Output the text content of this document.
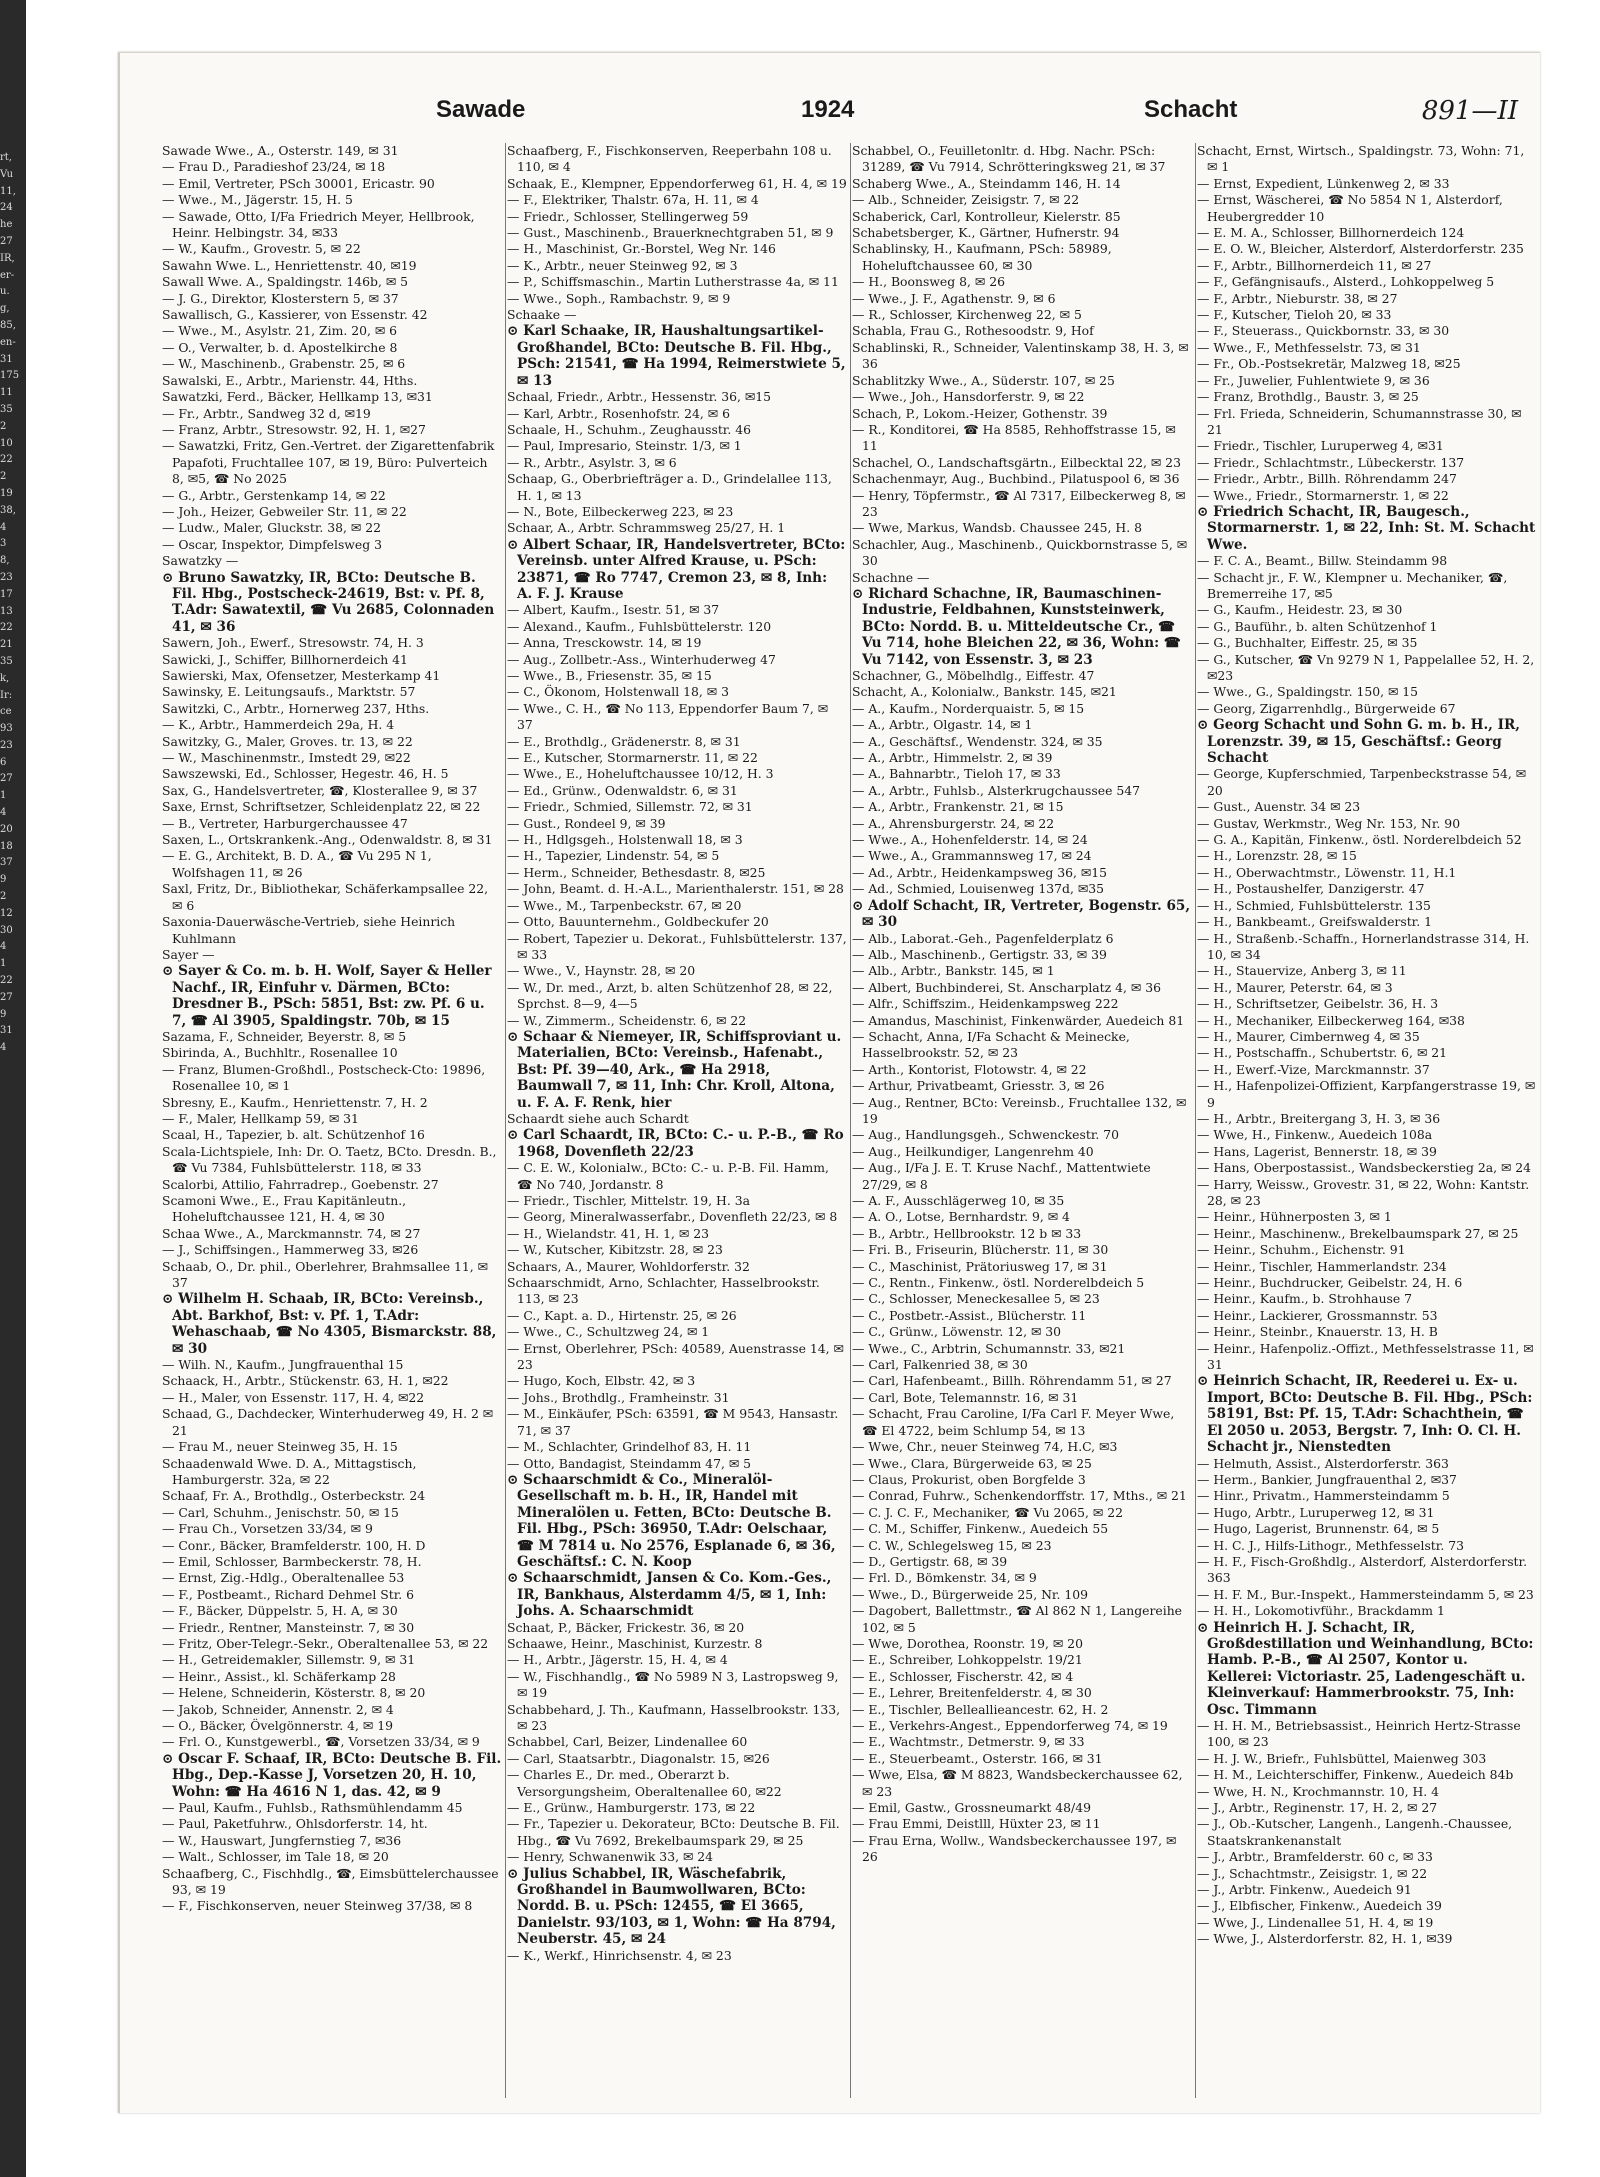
rt,
Vu
11,
24
he
27
IR,
er-
u.
g,
85,
en-
31
175
11
35
2
10
22
2
19
38,
4
3
8,
23
17
13
22
21
35
k,
Ir:
ce
93
23
6
27
1
4
20
18
37
9
2
12
30
4
1
22
27
9
31
4
Sawade	1924	Schacht	891—II
Sawade Wwe., A., Osterstr. 149, ✉ 31
— Frau D., Paradieshof 23/24, ✉ 18
— Emil, Vertreter, PSch 30001, Ericastr. 90
— Wwe., M., Jägerstr. 15, H. 5
— Sawade, Otto, I/Fa Friedrich Meyer, Hellbrook, Heinr. Helbingstr. 34, ✉33
— W., Kaufm., Grovestr. 5, ✉ 22
Sawahn Wwe. L., Henriettenstr. 40, ✉19
Sawall Wwe. A., Spaldingstr. 146b, ✉ 5
— J. G., Direktor, Klosterstern 5, ✉ 37
Sawallisch, G., Kassierer, von Essenstr. 42
— Wwe., M., Asylstr. 21, Zim. 20, ✉ 6
— O., Verwalter, b. d. Apostelkirche 8
— W., Maschinenb., Grabenstr. 25, ✉ 6
Sawalski, E., Arbtr., Marienstr. 44, Hths.
Sawatzki, Ferd., Bäcker, Hellkamp 13, ✉31
— Fr., Arbtr., Sandweg 32 d, ✉19
— Franz, Arbtr., Stresowstr. 92, H. 1, ✉27
— Sawatzki, Fritz, Gen.-Vertret. der Zigarettenfabrik Papafoti, Fruchtallee 107, ✉ 19, Büro: Pulverteich 8, ✉5, ☎ No 2025
— G., Arbtr., Gerstenkamp 14, ✉ 22
— Joh., Heizer, Gebweiler Str. 11, ✉ 22
— Ludw., Maler, Gluckstr. 38, ✉ 22
— Oscar, Inspektor, Dimpfelsweg 3
Sawatzky —
⊙ Bruno Sawatzky, IR, BCto: Deutsche B. Fil. Hbg., Postscheck-24619, Bst: v. Pf. 8, T.Adr: Sawatextil, ☎ Vu 2685, Colonnaden 41, ✉ 36
Sawern, Joh., Ewerf., Stresowstr. 74, H. 3
Sawicki, J., Schiffer, Billhornerdeich 41
Sawierski, Max, Ofensetzer, Mesterkamp 41
Sawinsky, E. Leitungsaufs., Marktstr. 57
Sawitzki, C., Arbtr., Hornerweg 237, Hths.
— K., Arbtr., Hammerdeich 29a, H. 4
Sawitzky, G., Maler, Groves. tr. 13, ✉ 22
— W., Maschinenmstr., Imstedt 29, ✉22
Sawszewski, Ed., Schlosser, Hegestr. 46, H. 5
Sax, G., Handelsvertreter, ☎, Klosterallee 9, ✉ 37
Saxe, Ernst, Schriftsetzer, Schleidenplatz 22, ✉ 22
— B., Vertreter, Harburgerchaussee 47
Saxen, L., Ortskrankenk.-Ang., Odenwaldstr. 8, ✉ 31
— E. G., Architekt, B. D. A., ☎ Vu 295 N 1, Wolfshagen 11, ✉ 26
Saxl, Fritz, Dr., Bibliothekar, Schäferkampsallee 22, ✉ 6
Saxonia-Dauerwäsche-Vertrieb, siehe Heinrich Kuhlmann
Sayer —
⊙ Sayer & Co. m. b. H. Wolf, Sayer & Heller Nachf., IR, Einfuhr v. Därmen, BCto: Dresdner B., PSch: 5851, Bst: zw. Pf. 6 u. 7, ☎ Al 3905, Spaldingstr. 70b, ✉ 15
Sazama, F., Schneider, Beyerstr. 8, ✉ 5
Sbirinda, A., Buchhltr., Rosenallee 10
— Franz, Blumen-Großhdl., Postscheck-Cto: 19896, Rosenallee 10, ✉ 1
Sbresny, E., Kaufm., Henriettenstr. 7, H. 2
— F., Maler, Hellkamp 59, ✉ 31
Scaal, H., Tapezier, b. alt. Schützenhof 16
Scala-Lichtspiele, Inh: Dr. O. Taetz, BCto. Dresdn. B., ☎ Vu 7384, Fuhlsbüttelerstr. 118, ✉ 33
Scalorbi, Attilio, Fahrradrep., Goebenstr. 27
Scamoni Wwe., E., Frau Kapitänleutn., Hoheluftchaussee 121, H. 4, ✉ 30
Schaa Wwe., A., Marckmannstr. 74, ✉ 27
— J., Schiffsingen., Hammerweg 33, ✉26
Schaab, O., Dr. phil., Oberlehrer, Brahmsallee 11, ✉ 37
⊙ Wilhelm H. Schaab, IR, BCto: Vereinsb., Abt. Barkhof, Bst: v. Pf. 1, T.Adr: Wehaschaab, ☎ No 4305, Bismarckstr. 88, ✉ 30
— Wilh. N., Kaufm., Jungfrauenthal 15
Schaack, H., Arbtr., Stückenstr. 63, H. 1, ✉22
— H., Maler, von Essenstr. 117, H. 4, ✉22
Schaad, G., Dachdecker, Winterhuderweg 49, H. 2 ✉ 21
— Frau M., neuer Steinweg 35, H. 15
Schaadenwald Wwe. D. A., Mittagstisch, Hamburgerstr. 32a, ✉ 22
Schaaf, Fr. A., Brothdlg., Osterbeckstr. 24
— Carl, Schuhm., Jenischstr. 50, ✉ 15
— Frau Ch., Vorsetzen 33/34, ✉ 9
— Conr., Bäcker, Bramfelderstr. 100, H. D
— Emil, Schlosser, Barmbeckerstr. 78, H.
— Ernst, Zig.-Hdlg., Oberaltenallee 53
— F., Postbeamt., Richard Dehmel Str. 6
— F., Bäcker, Düppelstr. 5, H. A, ✉ 30
— Friedr., Rentner, Mansteinstr. 7, ✉ 30
— Fritz, Ober-Telegr.-Sekr., Oberaltenallee 53, ✉ 22
— H., Getreidemakler, Sillemstr. 9, ✉ 31
— Heinr., Assist., kl. Schäferkamp 28
— Helene, Schneiderin, Kösterstr. 8, ✉ 20
— Jakob, Schneider, Annenstr. 2, ✉ 4
— O., Bäcker, Övelgönnerstr. 4, ✉ 19
— Frl. O., Kunstgewerbl., ☎, Vorsetzen 33/34, ✉ 9
⊙ Oscar F. Schaaf, IR, BCto: Deutsche B. Fil. Hbg., Dep.-Kasse J, Vorsetzen 20, H. 10, Wohn: ☎ Ha 4616 N 1, das. 42, ✉ 9
— Paul, Kaufm., Fuhlsb., Rathsmühlendamm 45
— Paul, Paketfuhrw., Ohlsdorferstr. 14, ht.
— W., Hauswart, Jungfernstieg 7, ✉36
— Walt., Schlosser, im Tale 18, ✉ 20
Schaafberg, C., Fischhdlg., ☎, Eimsbüttelerchaussee 93, ✉ 19
— F., Fischkonserven, neuer Steinweg 37/38, ✉ 8
Schaafberg, F., Fischkonserven, Reeperbahn 108 u. 110, ✉ 4
Schaak, E., Klempner, Eppendorferweg 61, H. 4, ✉ 19
— F., Elektriker, Thalstr. 67a, H. 11, ✉ 4
— Friedr., Schlosser, Stellingerweg 59
— Gust., Maschinenb., Brauerknechtgraben 51, ✉ 9
— H., Maschinist, Gr.-Borstel, Weg Nr. 146
— K., Arbtr., neuer Steinweg 92, ✉ 3
— P., Schiffsmaschin., Martin Lutherstrasse 4a, ✉ 11
— Wwe., Soph., Rambachstr. 9, ✉ 9
Schaake —
⊙ Karl Schaake, IR, Haushaltungsartikel-Großhandel, BCto: Deutsche B. Fil. Hbg., PSch: 21541, ☎ Ha 1994, Reimerstwiete 5, ✉ 13
Schaal, Friedr., Arbtr., Hessenstr. 36, ✉15
— Karl, Arbtr., Rosenhofstr. 24, ✉ 6
Schaale, H., Schuhm., Zeughausstr. 46
— Paul, Impresario, Steinstr. 1/3, ✉ 1
— R., Arbtr., Asylstr. 3, ✉ 6
Schaap, G., Oberbriefträger a. D., Grindelallee 113, H. 1, ✉ 13
— N., Bote, Eilbeckerweg 223, ✉ 23
Schaar, A., Arbtr. Schrammsweg 25/27, H. 1
⊙ Albert Schaar, IR, Handelsvertreter, BCto: Vereinsb. unter Alfred Krause, u. PSch: 23871, ☎ Ro 7747, Cremon 23, ✉ 8, Inh: A. F. J. Krause
— Albert, Kaufm., Isestr. 51, ✉ 37
— Alexand., Kaufm., Fuhlsbüttelerstr. 120
— Anna, Tresckowstr. 14, ✉ 19
— Aug., Zollbetr.-Ass., Winterhuderweg 47
— Wwe., B., Friesenstr. 35, ✉ 15
— C., Ökonom, Holstenwall 18, ✉ 3
— Wwe., C. H., ☎ No 113, Eppendorfer Baum 7, ✉ 37
— E., Brothdlg., Grädenerstr. 8, ✉ 31
— E., Kutscher, Stormarnerstr. 11, ✉ 22
— Wwe., E., Hoheluftchaussee 10/12, H. 3
— Ed., Grünw., Odenwaldstr. 6, ✉ 31
— Friedr., Schmied, Sillemstr. 72, ✉ 31
— Gust., Rondeel 9, ✉ 39
— H., Hdlgsgeh., Holstenwall 18, ✉ 3
— H., Tapezier, Lindenstr. 54, ✉ 5
— Herm., Schneider, Bethesdastr. 8, ✉25
— John, Beamt. d. H.-A.L., Marienthalerstr. 151, ✉ 28
— Wwe., M., Tarpenbeckstr. 67, ✉ 20
— Otto, Bauunternehm., Goldbeckufer 20
— Robert, Tapezier u. Dekorat., Fuhlsbüttelerstr. 137, ✉ 33
— Wwe., V., Haynstr. 28, ✉ 20
— W., Dr. med., Arzt, b. alten Schützenhof 28, ✉ 22, Sprchst. 8—9, 4—5
— W., Zimmerm., Scheidenstr. 6, ✉ 22
⊙ Schaar & Niemeyer, IR, Schiffsproviant u. Materialien, BCto: Vereinsb., Hafenabt., Bst: Pf. 39—40, Ark., ☎ Ha 2918, Baumwall 7, ✉ 11, Inh: Chr. Kroll, Altona, u. F. A. F. Renk, hier
Schaardt siehe auch Schardt
⊙ Carl Schaardt, IR, BCto: C.- u. P.-B., ☎ Ro 1968, Dovenfleth 22/23
— C. E. W., Kolonialw., BCto: C.- u. P.-B. Fil. Hamm, ☎ No 740, Jordanstr. 8
— Friedr., Tischler, Mittelstr. 19, H. 3a
— Georg, Mineralwasserfabr., Dovenfleth 22/23, ✉ 8
— H., Wielandstr. 41, H. 1, ✉ 23
— W., Kutscher, Kibitzstr. 28, ✉ 23
Schaars, A., Maurer, Wohldorferstr. 32
Schaarschmidt, Arno, Schlachter, Hasselbrookstr. 113, ✉ 23
— C., Kapt. a. D., Hirtenstr. 25, ✉ 26
— Wwe., C., Schultzweg 24, ✉ 1
— Ernst, Oberlehrer, PSch: 40589, Auenstrasse 14, ✉ 23
— Hugo, Koch, Elbstr. 42, ✉ 3
— Johs., Brothdlg., Framheinstr. 31
— M., Einkäufer, PSch: 63591, ☎ M 9543, Hansastr. 71, ✉ 37
— M., Schlachter, Grindelhof 83, H. 11
— Otto, Bandagist, Steindamm 47, ✉ 5
⊙ Schaarschmidt & Co., Mineralöl-Gesellschaft m. b. H., IR, Handel mit Mineralölen u. Fetten, BCto: Deutsche B. Fil. Hbg., PSch: 36950, T.Adr: Oelschaar, ☎ M 7814 u. No 2576, Esplanade 6, ✉ 36, Geschäftsf.: C. N. Koop
⊙ Schaarschmidt, Jansen & Co. Kom.-Ges., IR, Bankhaus, Alsterdamm 4/5, ✉ 1, Inh: Johs. A. Schaarschmidt
Schaat, P., Bäcker, Frickestr. 36, ✉ 20
Schaawe, Heinr., Maschinist, Kurzestr. 8
— H., Arbtr., Jägerstr. 15, H. 4, ✉ 4
— W., Fischhandlg., ☎ No 5989 N 3, Lastropsweg 9, ✉ 19
Schabbehard, J. Th., Kaufmann, Hasselbrookstr. 133, ✉ 23
Schabbel, Carl, Beizer, Lindenallee 60
— Carl, Staatsarbtr., Diagonalstr. 15, ✉26
— Charles E., Dr. med., Oberarzt b. Versorgungsheim, Oberaltenallee 60, ✉22
— E., Grünw., Hamburgerstr. 173, ✉ 22
— Fr., Tapezier u. Dekorateur, BCto: Deutsche B. Fil. Hbg., ☎ Vu 7692, Brekelbaumspark 29, ✉ 25
— Henry, Schwanenwik 33, ✉ 24
⊙ Julius Schabbel, IR, Wäschefabrik, Großhandel in Baumwollwaren, BCto: Nordd. B. u. PSch: 12455, ☎ El 3665, Danielstr. 93/103, ✉ 1, Wohn: ☎ Ha 8794, Neuberstr. 45, ✉ 24
— K., Werkf., Hinrichsenstr. 4, ✉ 23
Schabbel, O., Feuilletonltr. d. Hbg. Nachr. PSch: 31289, ☎ Vu 7914, Schrötteringksweg 21, ✉ 37
Schaberg Wwe., A., Steindamm 146, H. 14
— Alb., Schneider, Zeisigstr. 7, ✉ 22
Schaberick, Carl, Kontrolleur, Kielerstr. 85
Schabetsberger, K., Gärtner, Hufnerstr. 94
Schablinsky, H., Kaufmann, PSch: 58989, Hoheluftchaussee 60, ✉ 30
— H., Boonsweg 8, ✉ 26
— Wwe., J. F., Agathenstr. 9, ✉ 6
— R., Schlosser, Kirchenweg 22, ✉ 5
Schabla, Frau G., Rothesoodstr. 9, Hof
Schablinski, R., Schneider, Valentinskamp 38, H. 3, ✉ 36
Schablitzky Wwe., A., Süderstr. 107, ✉ 25
— Wwe., Joh., Hansdorferstr. 9, ✉ 22
Schach, P., Lokom.-Heizer, Gothenstr. 39
— R., Konditorei, ☎ Ha 8585, Rehhoffstrasse 15, ✉ 11
Schachel, O., Landschaftsgärtn., Eilbecktal 22, ✉ 23
Schachenmayr, Aug., Buchbind., Pilatuspool 6, ✉ 36
— Henry, Töpfermstr., ☎ Al 7317, Eilbeckerweg 8, ✉ 23
— Wwe, Markus, Wandsb. Chaussee 245, H. 8
Schachler, Aug., Maschinenb., Quickbornstrasse 5, ✉ 30
Schachne —
⊙ Richard Schachne, IR, Baumaschinen-Industrie, Feldbahnen, Kunststeinwerk, BCto: Nordd. B. u. Mitteldeutsche Cr., ☎ Vu 714, hohe Bleichen 22, ✉ 36, Wohn: ☎ Vu 7142, von Essenstr. 3, ✉ 23
Schachner, G., Möbelhdlg., Eiffestr. 47
Schacht, A., Kolonialw., Bankstr. 145, ✉21
— A., Kaufm., Norderquaistr. 5, ✉ 15
— A., Arbtr., Olgastr. 14, ✉ 1
— A., Geschäftsf., Wendenstr. 324, ✉ 35
— A., Arbtr., Himmelstr. 2, ✉ 39
— A., Bahnarbtr., Tieloh 17, ✉ 33
— A., Arbtr., Fuhlsb., Alsterkrugchaussee 547
— A., Arbtr., Frankenstr. 21, ✉ 15
— A., Ahrensburgerstr. 24, ✉ 22
— Wwe., A., Hohenfelderstr. 14, ✉ 24
— Wwe., A., Grammannsweg 17, ✉ 24
— Ad., Arbtr., Heidenkampsweg 36, ✉15
— Ad., Schmied, Louisenweg 137d, ✉35
⊙ Adolf Schacht, IR, Vertreter, Bogenstr. 65, ✉ 30
— Alb., Laborat.-Geh., Pagenfelderplatz 6
— Alb., Maschinenb., Gertigstr. 33, ✉ 39
— Alb., Arbtr., Bankstr. 145, ✉ 1
— Albert, Buchbinderei, St. Anscharplatz 4, ✉ 36
— Alfr., Schiffszim., Heidenkampsweg 222
— Amandus, Maschinist, Finkenwärder, Auedeich 81
— Schacht, Anna, I/Fa Schacht & Meinecke, Hasselbrookstr. 52, ✉ 23
— Arth., Kontorist, Flotowstr. 4, ✉ 22
— Arthur, Privatbeamt, Griesstr. 3, ✉ 26
— Aug., Rentner, BCto: Vereinsb., Fruchtallee 132, ✉ 19
— Aug., Handlungsgeh., Schwenckestr. 70
— Aug., Heilkundiger, Langenrehm 40
— Aug., I/Fa J. E. T. Kruse Nachf., Mattentwiete 27/29, ✉ 8
— A. F., Ausschlägerweg 10, ✉ 35
— A. O., Lotse, Bernhardstr. 9, ✉ 4
— B., Arbtr., Hellbrookstr. 12 b ✉ 33
— Fri. B., Friseurin, Blücherstr. 11, ✉ 30
— C., Maschinist, Prätoriusweg 17, ✉ 31
— C., Rentn., Finkenw., östl. Norderelbdeich 5
— C., Schlosser, Meneckesallee 5, ✉ 23
— C., Postbetr.-Assist., Blücherstr. 11
— C., Grünw., Löwenstr. 12, ✉ 30
— Wwe., C., Arbtrin, Schumannstr. 33, ✉21
— Carl, Falkenried 38, ✉ 30
— Carl, Hafenbeamt., Billh. Röhrendamm 51, ✉ 27
— Carl, Bote, Telemannstr. 16, ✉ 31
— Schacht, Frau Caroline, I/Fa Carl F. Meyer Wwe, ☎ El 4722, beim Schlump 54, ✉ 13
— Wwe, Chr., neuer Steinweg 74, H.C, ✉3
— Wwe., Clara, Bürgerweide 63, ✉ 25
— Claus, Prokurist, oben Borgfelde 3
— Conrad, Fuhrw., Schenkendorffstr. 17, Mths., ✉ 21
— C. J. C. F., Mechaniker, ☎ Vu 2065, ✉ 22
— C. M., Schiffer, Finkenw., Auedeich 55
— C. W., Schlegelsweg 15, ✉ 23
— D., Gertigstr. 68, ✉ 39
— Frl. D., Bömkenstr. 34, ✉ 9
— Wwe., D., Bürgerweide 25, Nr. 109
— Dagobert, Ballettmstr., ☎ Al 862 N 1, Langereihe 102, ✉ 5
— Wwe, Dorothea, Roonstr. 19, ✉ 20
— E., Schreiber, Lohkoppelstr. 19/21
— E., Schlosser, Fischerstr. 42, ✉ 4
— E., Lehrer, Breitenfelderstr. 4, ✉ 30
— E., Tischler, Belleallieancestr. 62, H. 2
— E., Verkehrs-Angest., Eppendorferweg 74, ✉ 19
— E., Wachtmstr., Detmerstr. 9, ✉ 33
— E., Steuerbeamt., Osterstr. 166, ✉ 31
— Wwe, Elsa, ☎ M 8823, Wandsbeckerchaussee 62, ✉ 23
— Emil, Gastw., Grossneumarkt 48/49
— Frau Emmi, Deistlll, Hüxter 23, ✉ 11
— Frau Erna, Wollw., Wandsbeckerchaussee 197, ✉ 26
Schacht, Ernst, Wirtsch., Spaldingstr. 73, Wohn: 71, ✉ 1
— Ernst, Expedient, Lünkenweg 2, ✉ 33
— Ernst, Wäscherei, ☎ No 5854 N 1, Alsterdorf, Heubergredder 10
— E. M. A., Schlosser, Billhornerdeich 124
— E. O. W., Bleicher, Alsterdorf, Alsterdorferstr. 235
— F., Arbtr., Billhornerdeich 11, ✉ 27
— F., Gefängnisaufs., Alsterd., Lohkoppelweg 5
— F., Arbtr., Nieburstr. 38, ✉ 27
— F., Kutscher, Tieloh 20, ✉ 33
— F., Steuerass., Quickbornstr. 33, ✉ 30
— Wwe., F., Methfesselstr. 73, ✉ 31
— Fr., Ob.-Postsekretär, Malzweg 18, ✉25
— Fr., Juwelier, Fuhlentwiete 9, ✉ 36
— Franz, Brothdlg., Baustr. 3, ✉ 25
— Frl. Frieda, Schneiderin, Schumannstrasse 30, ✉ 21
— Friedr., Tischler, Luruperweg 4, ✉31
— Friedr., Schlachtmstr., Lübeckerstr. 137
— Friedr., Arbtr., Billh. Röhrendamm 247
— Wwe., Friedr., Stormarnerstr. 1, ✉ 22
⊙ Friedrich Schacht, IR, Baugesch., Stormarnerstr. 1, ✉ 22, Inh: St. M. Schacht Wwe.
— F. C. A., Beamt., Billw. Steindamm 98
— Schacht jr., F. W., Klempner u. Mechaniker, ☎, Bremerreihe 17, ✉5
— G., Kaufm., Heidestr. 23, ✉ 30
— G., Bauführ., b. alten Schützenhof 1
— G., Buchhalter, Eiffestr. 25, ✉ 35
— G., Kutscher, ☎ Vn 9279 N 1, Pappelallee 52, H. 2, ✉23
— Wwe., G., Spaldingstr. 150, ✉ 15
— Georg, Zigarrenhdlg., Bürgerweide 67
⊙ Georg Schacht und Sohn G. m. b. H., IR, Lorenzstr. 39, ✉ 15, Geschäftsf.: Georg Schacht
— George, Kupferschmied, Tarpenbeckstrasse 54, ✉ 20
— Gust., Auenstr. 34 ✉ 23
— Gustav, Werkmstr., Weg Nr. 153, Nr. 90
— G. A., Kapitän, Finkenw., östl. Norderelbdeich 52
— H., Lorenzstr. 28, ✉ 15
— H., Oberwachtmstr., Löwenstr. 11, H.1
— H., Postaushelfer, Danzigerstr. 47
— H., Schmied, Fuhlsbüttelerstr. 135
— H., Bankbeamt., Greifswalderstr. 1
— H., Straßenb.-Schaffn., Hornerlandstrasse 314, H. 10, ✉ 34
— H., Stauervize, Anberg 3, ✉ 11
— H., Maurer, Peterstr. 64, ✉ 3
— H., Schriftsetzer, Geibelstr. 36, H. 3
— H., Mechaniker, Eilbeckerweg 164, ✉38
— H., Maurer, Cimbernweg 4, ✉ 35
— H., Postschaffn., Schubertstr. 6, ✉ 21
— H., Ewerf.-Vize, Marckmannstr. 37
— H., Hafenpolizei-Offizient, Karpfangerstrasse 19, ✉ 9
— H., Arbtr., Breitergang 3, H. 3, ✉ 36
— Wwe, H., Finkenw., Auedeich 108a
— Hans, Lagerist, Bennerstr. 18, ✉ 39
— Hans, Oberpostassist., Wandsbeckerstieg 2a, ✉ 24
— Harry, Weissw., Grovestr. 31, ✉ 22, Wohn: Kantstr. 28, ✉ 23
— Heinr., Hühnerposten 3, ✉ 1
— Heinr., Maschinenw., Brekelbaumspark 27, ✉ 25
— Heinr., Schuhm., Eichenstr. 91
— Heinr., Tischler, Hammerlandstr. 234
— Heinr., Buchdrucker, Geibelstr. 24, H. 6
— Heinr., Kaufm., b. Strohhause 7
— Heinr., Lackierer, Grossmannstr. 53
— Heinr., Steinbr., Knauerstr. 13, H. B
— Heinr., Hafenpoliz.-Offizt., Methfesselstrasse 11, ✉ 31
⊙ Heinrich Schacht, IR, Reederei u. Ex- u. Import, BCto: Deutsche B. Fil. Hbg., PSch: 58191, Bst: Pf. 15, T.Adr: Schachthein, ☎ El 2050 u. 2053, Bergstr. 7, Inh: O. Cl. H. Schacht jr., Nienstedten
— Helmuth, Assist., Alsterdorferstr. 363
— Herm., Bankier, Jungfrauenthal 2, ✉37
— Hinr., Privatm., Hammersteindamm 5
— Hugo, Arbtr., Luruperweg 12, ✉ 31
— Hugo, Lagerist, Brunnenstr. 64, ✉ 5
— H. C. J., Hilfs-Lithogr., Methfesselstr. 73
— H. F., Fisch-Großhdlg., Alsterdorf, Alsterdorferstr. 363
— H. F. M., Bur.-Inspekt., Hammersteindamm 5, ✉ 23
— H. H., Lokomotivführ., Brackdamm 1
⊙ Heinrich H. J. Schacht, IR, Großdestillation und Weinhandlung, BCto: Hamb. P.-B., ☎ Al 2507, Kontor u. Kellerei: Victoriastr. 25, Ladengeschäft u. Kleinverkauf: Hammerbrookstr. 75, Inh: Osc. Timmann
— H. H. M., Betriebsassist., Heinrich Hertz-Strasse 100, ✉ 23
— H. J. W., Briefr., Fuhlsbüttel, Maienweg 303
— H. M., Leichterschiffer, Finkenw., Auedeich 84b
— Wwe, H. N., Krochmannstr. 10, H. 4
— J., Arbtr., Reginenstr. 17, H. 2, ✉ 27
— J., Ob.-Kutscher, Langenh., Langenh.-Chaussee, Staatskrankenanstalt
— J., Arbtr., Bramfelderstr. 60 c, ✉ 33
— J., Schachtmstr., Zeisigstr. 1, ✉ 22
— J., Arbtr. Finkenw., Auedeich 91
— J., Elbfischer, Finkenw., Auedeich 39
— Wwe, J., Lindenallee 51, H. 4, ✉ 19
— Wwe, J., Alsterdorferstr. 82, H. 1, ✉39
